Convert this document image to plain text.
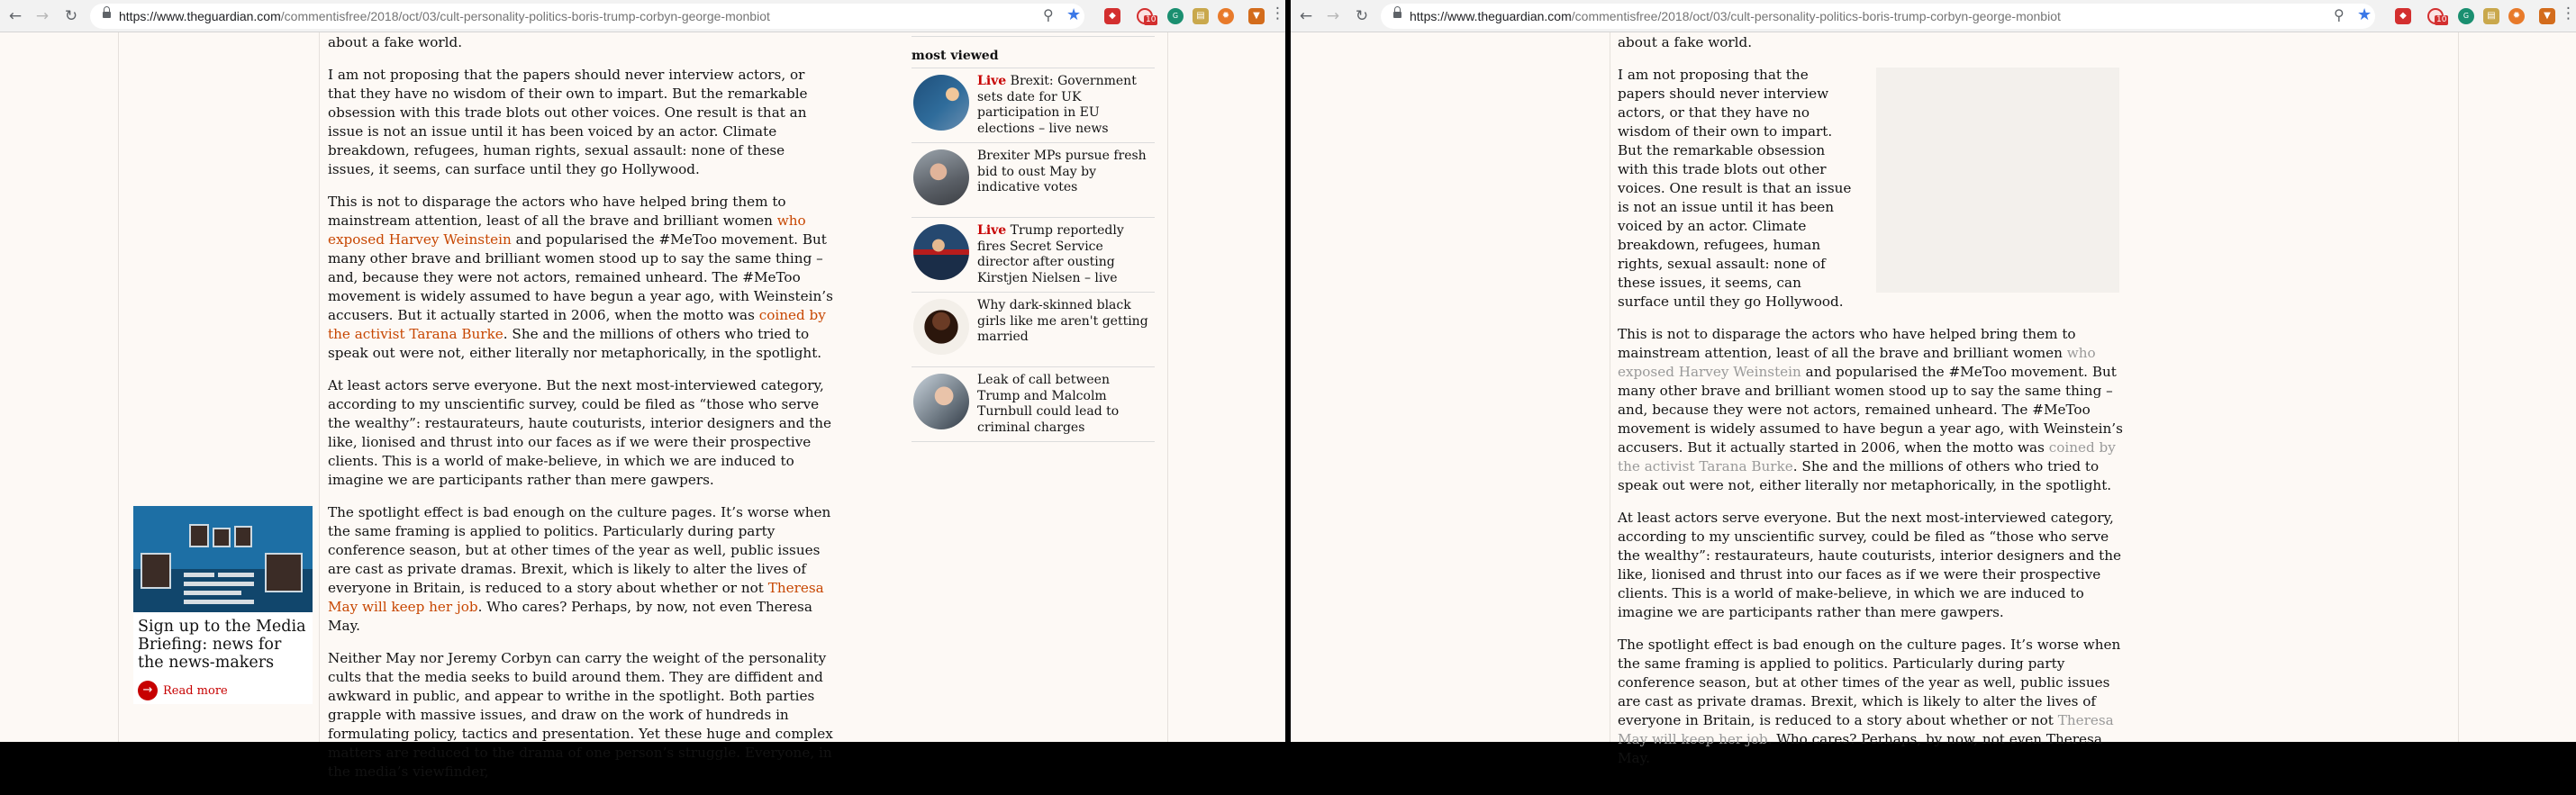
← → ↻	https://www.theguardian.com/commentisfree/2018/oct/03/cult-personality-politics-boris-trump-corbyn-george-monbiot	⚲ ★	◆	10	G	▤	✹	▼ ⋮

about a fake world.

I am not proposing that the papers should never interview actors, or that they have no wisdom of their own to impart. But the remarkable obsession with this trade blots out other voices. One result is that an issue is not an issue until it has been voiced by an actor. Climate breakdown, refugees, human rights, sexual assault: none of these issues, it seems, can surface until they go Hollywood.

This is not to disparage the actors who have helped bring them to mainstream attention, least of all the brave and brilliant women who exposed Harvey Weinstein and popularised the #MeToo movement. But many other brave and brilliant women stood up to say the same thing – and, because they were not actors, remained unheard. The #MeToo movement is widely assumed to have begun a year ago, with Weinstein’s accusers. But it actually started in 2006, when the motto was coined by the activist Tarana Burke. She and the millions of others who tried to speak out were not, either literally nor metaphorically, in the spotlight.

At least actors serve everyone. But the next most-interviewed category, according to my unscientific survey, could be filed as “those who serve the wealthy”: restaurateurs, haute couturists, interior designers and the like, lionised and thrust into our faces as if we were their prospective clients. This is a world of make-believe, in which we are induced to imagine we are participants rather than mere gawpers.

The spotlight effect is bad enough on the culture pages. It’s worse when the same framing is applied to politics. Particularly during party conference season, but at other times of the year as well, public issues are cast as private dramas. Brexit, which is likely to alter the lives of everyone in Britain, is reduced to a story about whether or not Theresa May will keep her job. Who cares? Perhaps, by now, not even Theresa May.

Neither May nor Jeremy Corbyn can carry the weight of the personality cults that the media seeks to build around them. They are diffident and awkward in public, and appear to writhe in the spotlight. Both parties grapple with massive issues, and draw on the work of hundreds in formulating policy, tactics and presentation. Yet these huge and complex matters are reduced to the drama of one person’s struggle. Everyone, in the media’s viewfinder,

Sign up to the Media Briefing: news for the news-makers
→ Read more
most viewed
Live Brexit: Government sets date for UK participation in EU elections – live news
Brexiter MPs pursue fresh bid to oust May by indicative votes
Live Trump reportedly fires Secret Service director after ousting Kirstjen Nielsen – live
Why dark-skinned black girls like me aren't getting married
Leak of call between Trump and Malcolm Turnbull could lead to criminal charges
← → ↻	https://www.theguardian.com/commentisfree/2018/oct/03/cult-personality-politics-boris-trump-corbyn-george-monbiot	⚲ ★	◆	10	G	▤	✹	▼ ⋮

about a fake world.

I am not proposing that the papers should never interview actors, or that they have no wisdom of their own to impart. But the remarkable obsession with this trade blots out other voices. One result is that an issue is not an issue until it has been voiced by an actor. Climate breakdown, refugees, human rights, sexual assault: none of these issues, it seems, can surface until they go Hollywood.

This is not to disparage the actors who have helped bring them to mainstream attention, least of all the brave and brilliant women who exposed Harvey Weinstein and popularised the #MeToo movement. But many other brave and brilliant women stood up to say the same thing – and, because they were not actors, remained unheard. The #MeToo movement is widely assumed to have begun a year ago, with Weinstein’s accusers. But it actually started in 2006, when the motto was coined by the activist Tarana Burke. She and the millions of others who tried to speak out were not, either literally nor metaphorically, in the spotlight.

At least actors serve everyone. But the next most-interviewed category, according to my unscientific survey, could be filed as “those who serve the wealthy”: restaurateurs, haute couturists, interior designers and the like, lionised and thrust into our faces as if we were their prospective clients. This is a world of make-believe, in which we are induced to imagine we are participants rather than mere gawpers.

The spotlight effect is bad enough on the culture pages. It’s worse when the same framing is applied to politics. Particularly during party conference season, but at other times of the year as well, public issues are cast as private dramas. Brexit, which is likely to alter the lives of everyone in Britain, is reduced to a story about whether or not Theresa May will keep her job. Who cares? Perhaps, by now, not even Theresa May.
